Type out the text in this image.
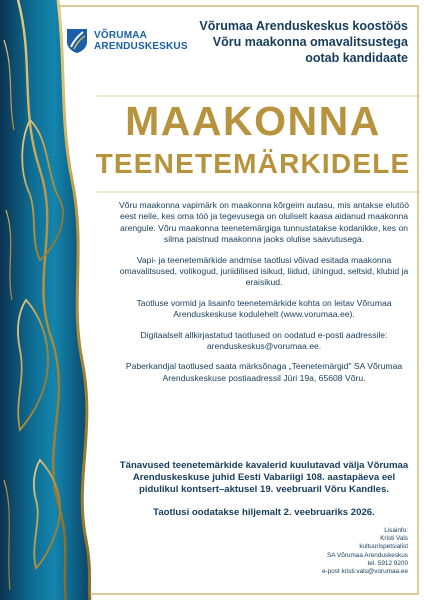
VÕRUMAA
ARENDUSKESKUS
Võrumaa Arenduskeskus koostöös
Võru maakonna omavalitsustega
ootab kandidaate
MAAKONNA
TEENETEMÄRKIDELE

Võru maakonna vapimärk on maakonna kõrgeim autasu, mis antakse elutöö eest neile, kes oma töö ja tegevusega on oluliselt kaasa aidanud maakonna arengule. Võru maakonna teenetemärgiga tunnustatakse kodanikke, kes on silma paistnud maakonna jaoks olulise saavutusega.

Vapi- ja teenetemärkide andmise taotlusi võivad esitada maakonna omavalitsused, volikogud, juriidilised isikud, liidud, ühingud, seltsid, klubid ja eraisikud.

Taotluse vormid ja lisainfo teenetemärkide kohta on leitav Võrumaa Arenduskeskuse kodulehelt (www.vorumaa.ee).

Digitaalselt allkirjastatud taotlused on oodatud e-posti aadressile: arenduskeskus@vorumaa.ee.

Paberkandjal taotlused saata märksõnaga „Teenetemärgid" SA Võrumaa Arenduskeskuse postiaadressil Jüri 19a, 65608 Võru.

Tänavused teenetemärkide kavalerid kuulutavad välja Võrumaa Arenduskeskuse juhid Eesti Vabariigi 108. aastapäeva eel pidulikul kontsert–aktusel 19. veebruaril Võru Kandles.

Taotlusi oodatakse hiljemalt 2. veebruariks 2026.

Lisainfo:
Kristi Vals
kultuurispetsialist
SA Võrumaa Arenduskeskus
tel. 5912 9200
e-post kristi.vals@vorumaa.ee
